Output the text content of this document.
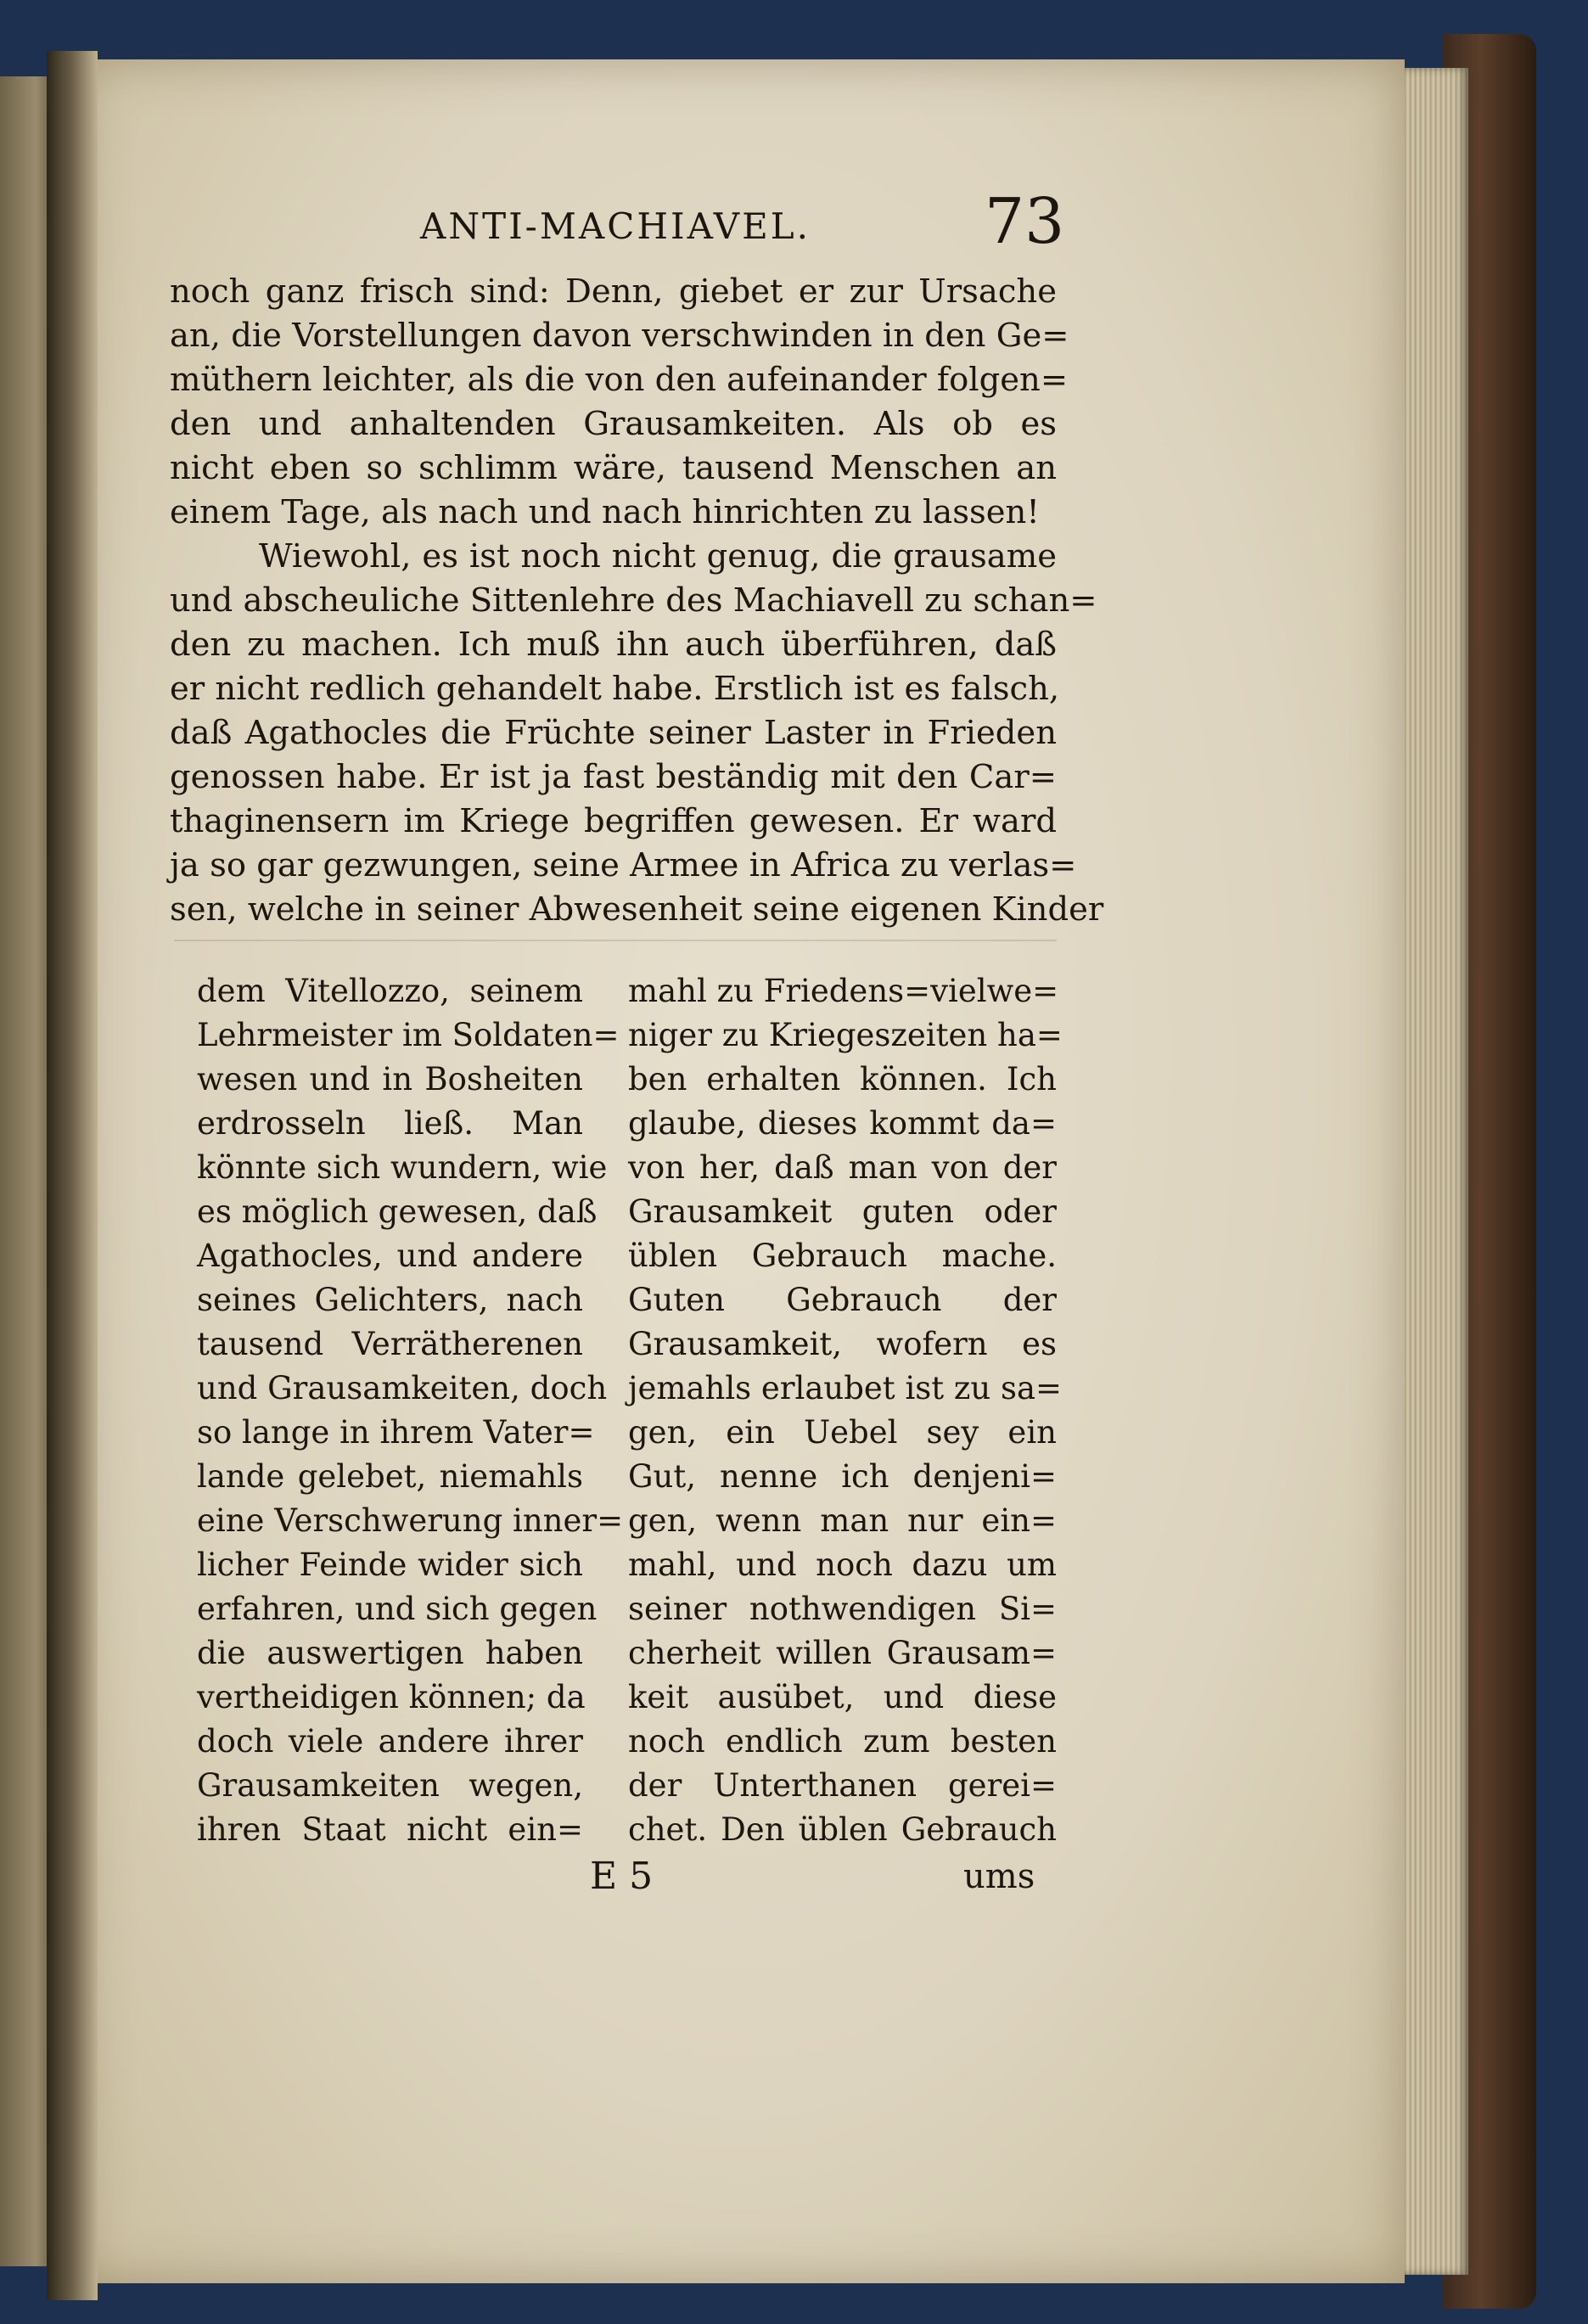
ANTI-MACHIAVEL.	73

noch ganz frisch sind: Denn, giebet er zur Ursache

an, die Vorstellungen davon verschwinden in den Ge=

müthern leichter, als die von den aufeinander folgen=

den und anhaltenden Grausamkeiten. Als ob es

nicht eben so schlimm wäre, tausend Menschen an

einem Tage, als nach und nach hinrichten zu lassen!

Wiewohl, es ist noch nicht genug, die grausame

und abscheuliche Sittenlehre des Machiavell zu schan=

den zu machen. Ich muß ihn auch überführen, daß

er nicht redlich gehandelt habe. Erstlich ist es falsch,

daß Agathocles die Früchte seiner Laster in Frieden

genossen habe. Er ist ja fast beständig mit den Car=

thaginensern im Kriege begriffen gewesen. Er ward

ja so gar gezwungen, seine Armee in Africa zu verlas=

sen, welche in seiner Abwesenheit seine eigenen Kinder

dem Vitellozzo, seinem
Lehrmeister im Soldaten=
wesen und in Bosheiten
erdrosseln ließ. Man
könnte sich wundern, wie
es möglich gewesen, daß
Agathocles, und andere
seines Gelichters, nach
tausend Verrätherenen
und Grausamkeiten, doch
so lange in ihrem Vater=
lande gelebet, niemahls
eine Verschwerung inner=
licher Feinde wider sich
erfahren, und sich gegen
die auswertigen haben
vertheidigen können; da
doch viele andere ihrer
Grausamkeiten wegen,
ihren Staat nicht ein=
mahl zu Friedens=vielwe=
niger zu Kriegeszeiten ha=
ben erhalten können. Ich
glaube, dieses kommt da=
von her, daß man von der
Grausamkeit guten oder
üblen Gebrauch mache.
Guten Gebrauch der
Grausamkeit, wofern es
jemahls erlaubet ist zu sa=
gen, ein Uebel sey ein
Gut, nenne ich denjeni=
gen, wenn man nur ein=
mahl, und noch dazu um
seiner nothwendigen Si=
cherheit willen Grausam=
keit ausübet, und diese
noch endlich zum besten
der Unterthanen gerei=
chet. Den üblen Gebrauch
E 5	ums
